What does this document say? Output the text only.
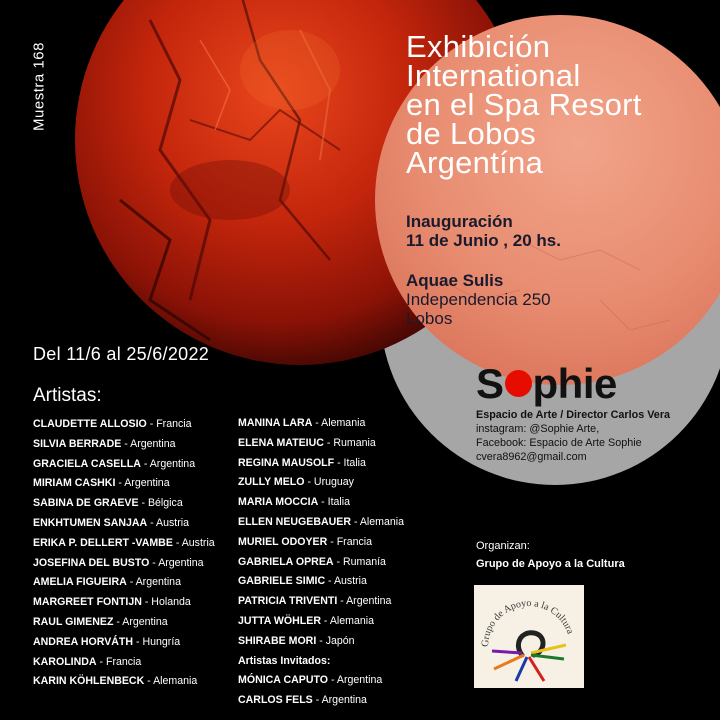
Muestra 168	Exhibición
International
en el Spa Resort
de Lobos
Argentína
Inauguración
11 de Junio , 20 hs.
Aquae Sulis
Independencia 250
Lobos
Del 11/6 al 25/6/2022
Artistas:
CLAUDETTE ALLOSIO - Francia
SILVIA BERRADE - Argentina
GRACIELA CASELLA - Argentina
MIRIAM CASHKI - Argentina
SABINA DE GRAEVE - Bélgica
ENKHTUMEN SANJAA - Austria
ERIKA P. DELLERT -VAMBE - Austria
JOSEFINA DEL BUSTO - Argentina
AMELIA FIGUEIRA - Argentina
MARGREET FONTIJN - Holanda
RAUL GIMENEZ - Argentina
ANDREA HORVÁTH - Hungría
KAROLINDA - Francia
KARIN KÖHLENBECK - Alemania
MANINA LARA - Alemania
ELENA MATEIUC - Rumania
REGINA MAUSOLF - Italia
ZULLY MELO - Uruguay
MARIA MOCCIA - Italia
ELLEN NEUGEBAUER - Alemania
MURIEL ODOYER - Francia
GABRIELA OPREA - Rumanía
GABRIELE SIMIC - Austria
PATRICIA TRIVENTI - Argentina
JUTTA WÖHLER - Alemania
SHIRABE MORI - Japón
Artistas Invitados:
MÓNICA CAPUTO - Argentina
CARLOS FELS - Argentina
S phie
Espacio de Arte / Director Carlos Vera
instagram: @Sophie Arte,
Facebook: Espacio de Arte Sophie
cvera8962@gmail.com
Organizan:
Grupo de Apoyo a la Cultura
Grupo de Apoyo a la Cultura
